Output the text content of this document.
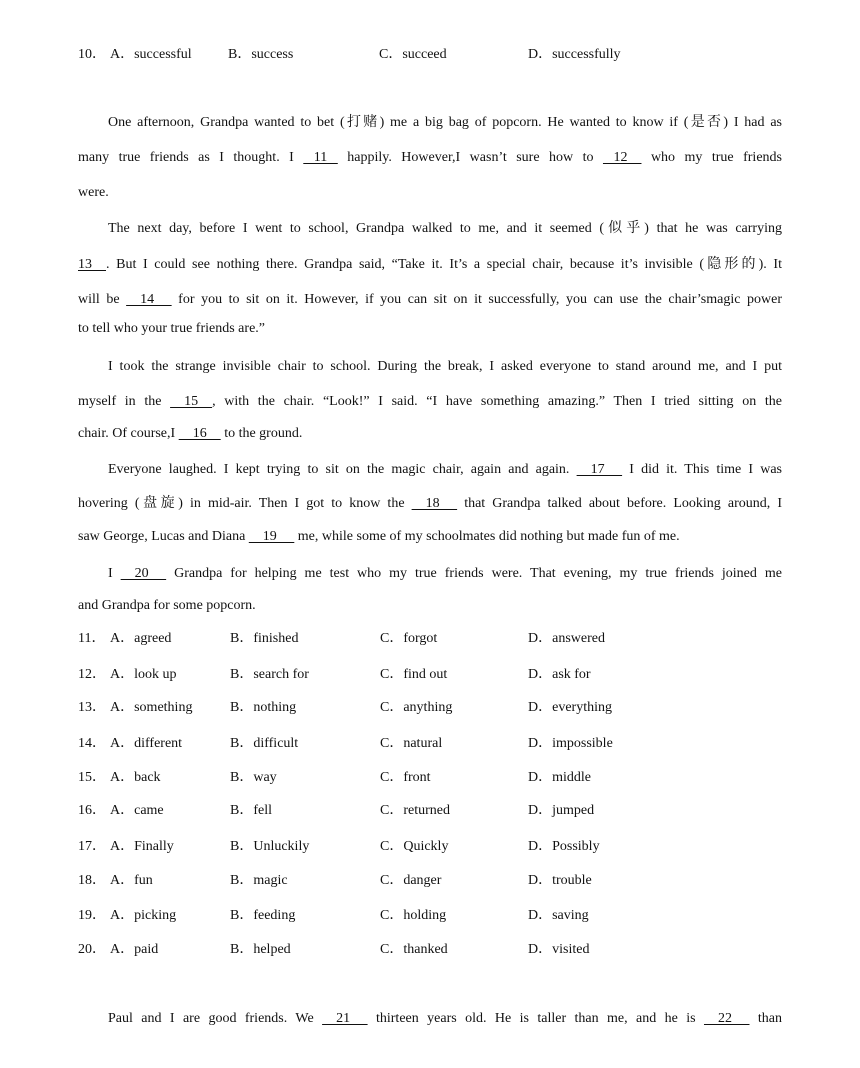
10． A．successful	B．success	C．succeed	D．successfully
One afternoon, Grandpa wanted to bet (打赌) me a big bag of popcorn. He wanted to know if (是否) I had as
many true friends as I thought. I    11    happily. However,I wasn’t sure how to    12     who my true friends
were.
The next day, before I went to school, Grandpa walked to me, and it seemed (似乎) that he was carrying
13    . But I could see nothing there. Grandpa said, “Take it. It’s a special chair, because it’s invisible (隐形的). It
will be     14      for you to sit on it. However, if you can sit on it successfully, you can use the chair’smagic power
to tell who your true friends are.”
I took the strange invisible chair to school. During the break, I asked everyone to stand around me, and I put
myself in the     15    , with the chair. “Look!” I said. “I have something amazing.” Then I tried sitting on the
chair. Of course,I     16     to the ground.
Everyone laughed. I kept trying to sit on the magic chair, again and again.     17      I did it. This time I was
hovering (盘旋) in mid-air. Then I got to know the     18      that Grandpa talked about before. Looking around, I
saw George, Lucas and Diana     19      me, while some of my schoolmates did nothing but made fun of me.
I     20      Grandpa for helping me test who my true friends were. That evening, my true friends joined me
and Grandpa for some popcorn.
11． A．agreed	B．finished	C．forgot	D．answered
12． A．look up	B．search for	C．find out	D．ask for
13． A．something	B．nothing	C．anything	D．everything
14． A．different	B．difficult	C．natural	D．impossible
15． A．back	B．way	C．front	D．middle
16． A．came	B．fell	C．returned	D．jumped
17． A．Finally	B．Unluckily	C．Quickly	D．Possibly
18． A．fun	B．magic	C．danger	D．trouble
19． A．picking	B．feeding	C．holding	D．saving
20． A．paid	B．helped	C．thanked	D．visited
Paul and I are good friends. We     21      thirteen years old. He is taller than me, and he is     22      than
